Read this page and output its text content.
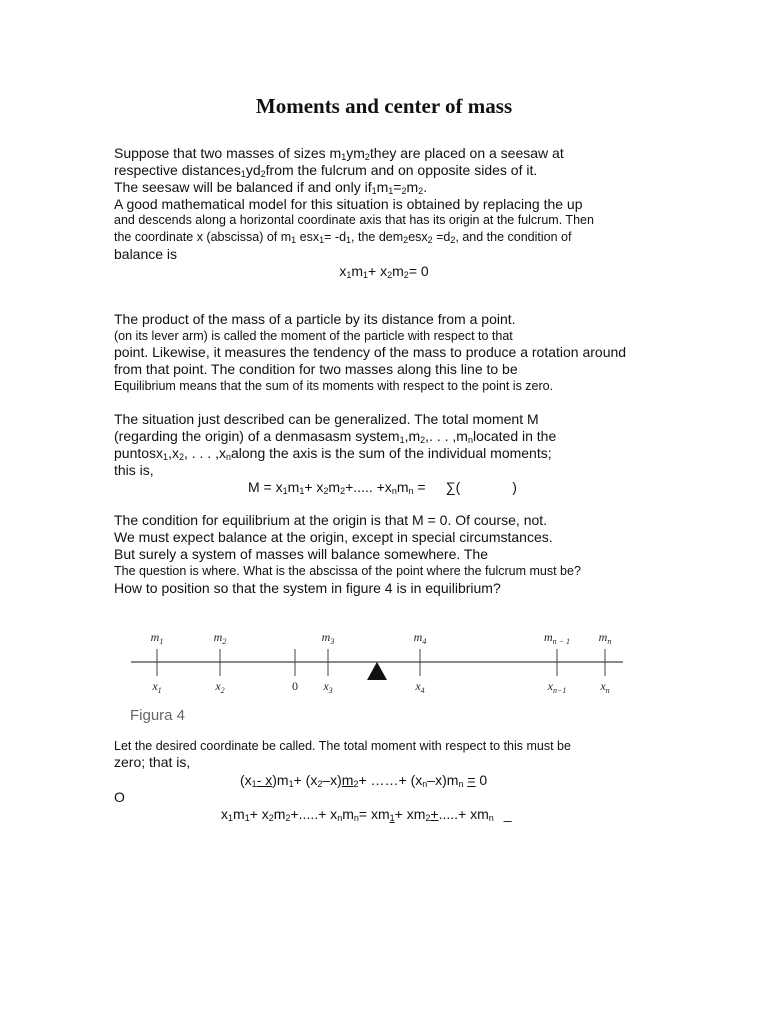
Moments and center of mass
Suppose that two masses of sizes $m_1ym_2they$ are placed on a seesaw at
respective $distances_1yd_2from$ the fulcrum and on opposite sides of it.
The seesaw will be balanced if and only $if_1m_1=_2m_2$.
A good mathematical model for this situation is obtained by replacing the up
and descends along a horizontal coordinate axis that has its origin at the fulcrum. Then
the coordinate x (abscissa) of $m_1$ $esx_1= -d_1$, the $dem_2esx_2 =d_2$, and the condition of
balance is
$x_1m_1+ x_2m_2= 0$
The product of the mass of a particle by its distance from a point.
(on its lever arm) is called the moment of the particle with respect to that
point. Likewise, it measures the tendency of the mass to produce a rotation around
from that point. The condition for two masses along this line to be
Equilibrium means that the sum of its moments with respect to the point is zero.
The situation just described can be generalized. The total moment M
(regarding the origin) of a denmasasm $system_1,m_2$,. . . $,m_nlocated$ in the
$puntosx_1,x_2$, . . . $,x_nalong$ the axis is the sum of the individual moments;
this is,
$M = x_1m_1+ x_2m_2+$..... $+x_nm_n$ = ∑(	)
The condition for equilibrium at the origin is that M = 0. Of course, not.
We must expect balance at the origin, except in special circumstances.
But surely a system of masses will balance somewhere. The
The question is where. What is the abscissa of the point where the fulcrum must be?
How to position so that the system in figure 4 is in equilibrium?
$m_1$	$m_2$	$m_3$	$m_4$	$m_{n - 1}$ $m_n$
$x_1$	$x_2$	0 $x_3$	$x_4$	$x_{n-1}$	$x_n$
Figura 4
Let the desired coordinate be called. The total moment with respect to this must be
zero; that is,
($x_1-$ $x)m_1+ (x_2-x)m_2+$ ……+ $(x_n-x)m_n = 0$
O
$x_1m_1+ x_2m_2+.....+ x_nm_n= xm_1+ xm_2+.....+ xm_n$ _
